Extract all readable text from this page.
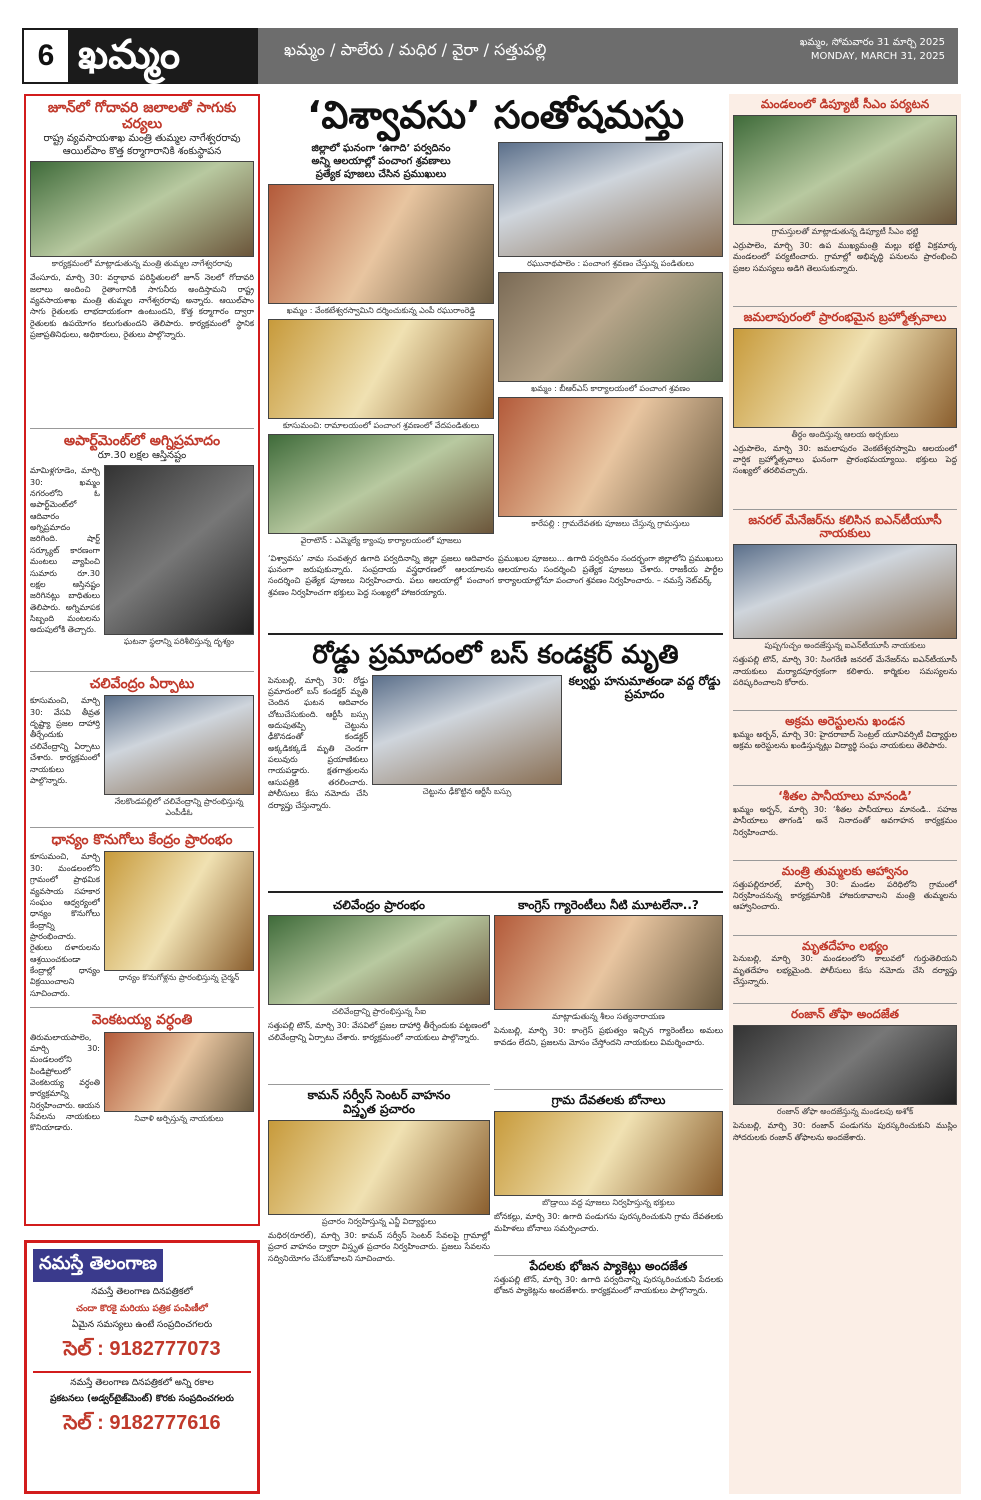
6 ఖమ్మం	ఖమ్మం / పాలేరు / మధిర / వైరా / సత్తుపల్లి	ఖమ్మం, సోమవారం 31 మార్చి 2025
MONDAY, MARCH 31, 2025
జూన్‌లో గోదావరి జలాలతో సాగుకు చర్యలు
రాష్ట్ర వ్యవసాయశాఖ మంత్రి తుమ్మల నాగేశ్వరరావు
ఆయిల్‌పాం కొత్త కర్మాగారానికి శంకుస్థాపన
కార్యక్రమంలో మాట్లాడుతున్న మంత్రి తుమ్మల నాగేశ్వరరావు
వేంసూరు, మార్చి 30: వర్షాభావ పరిస్థితులలో జూన్ నెలలో గోదావరి జలాలు అందించి రైతాంగానికి సాగునీరు అందిస్తామని రాష్ట్ర వ్యవసాయశాఖ మంత్రి తుమ్మల నాగేశ్వరరావు అన్నారు. ఆయిల్‌పాం సాగు రైతులకు లాభదాయకంగా ఉంటుందని, కొత్త కర్మాగారం ద్వారా రైతులకు ఉపయోగం కలుగుతుందని తెలిపారు. కార్యక్రమంలో స్థానిక ప్రజాప్రతినిధులు, అధికారులు, రైతులు పాల్గొన్నారు.
అపార్ట్‌మెంట్‌లో అగ్నిప్రమాదం
రూ.30 లక్షల ఆస్తినష్టం
మామిళ్లగూడెం, మార్చి 30: ఖమ్మం నగరంలోని ఓ అపార్ట్‌మెంట్‌లో ఆదివారం అగ్నిప్రమాదం జరిగింది. షార్ట్ సర్క్యూట్ కారణంగా మంటలు వ్యాపించి సుమారు రూ.30 లక్షల ఆస్తినష్టం జరిగినట్లు బాధితులు తెలిపారు. అగ్నిమాపక సిబ్బంది మంటలను అదుపులోకి తెచ్చారు.
ఘటనా స్థలాన్ని పరిశీలిస్తున్న దృశ్యం
చలివేంద్రం ఏర్పాటు
కూసుమంచి, మార్చి 30: వేసవి తీవ్రత దృష్ట్యా ప్రజల దాహార్తి తీర్చేందుకు చలివేంద్రాన్ని ఏర్పాటు చేశారు. కార్యక్రమంలో నాయకులు పాల్గొన్నారు.
నేలకొండపల్లిలో చలివేంద్రాన్ని ప్రారంభిస్తున్న ఎంపీడీఓ
ధాన్యం కొనుగోలు కేంద్రం ప్రారంభం
కూసుమంచి, మార్చి 30: మండలంలోని గ్రామంలో ప్రాథమిక వ్యవసాయ సహకార సంఘం ఆధ్వర్యంలో ధాన్యం కొనుగోలు కేంద్రాన్ని ప్రారంభించారు. రైతులు దళారులను ఆశ్రయించకుండా కేంద్రాల్లో ధాన్యం విక్రయించాలని సూచించారు.
ధాన్యం కొనుగోళ్లను ప్రారంభిస్తున్న చైర్మన్
వెంకటయ్య వర్ధంతి
తిరుమలాయపాలెం, మార్చి 30: మండలంలోని పిండిప్రోలులో వెంకటయ్య వర్ధంతి కార్యక్రమాన్ని నిర్వహించారు. ఆయన సేవలను నాయకులు కొనియాడారు.
నివాళి అర్పిస్తున్న నాయకులు
నమస్తే తెలంగాణ
నమస్తే తెలంగాణ దినపత్రికలో
చందా కొరకై మరియు పత్రిక పంపిణీలో
ఏమైన సమస్యలు ఉంటే సంప్రదించగలరు
సెల్ : 9182777073
నమస్తే తెలంగాణ దినపత్రికలో అన్ని రకాల
ప్రకటనలు (అడ్వర్‌టైజ్‌మెంట్) కొరకు సంప్రదించగలరు
సెల్ : 9182777616
‘విశ్వావసు’ సంతోషమస్తు
జిల్లాలో ఘనంగా ‘ఉగాది’ పర్వదినం
అన్ని ఆలయాల్లో పంచాంగ శ్రవణాలు
ప్రత్యేక పూజలు చేసిన ప్రముఖులు
ఖమ్మం : వేంకటేశ్వరస్వామిని దర్శించుకున్న ఎంపీ రఘురాంరెడ్డి
కూసుమంచి: రామాలయంలో పంచాంగ శ్రవణంలో వేదపండితులు
వైరాటౌన్ : ఎమ్మెల్యే క్యాంపు కార్యాలయంలో పూజలు
రఘునాథపాలెం : పంచాంగ శ్రవణం చేస్తున్న పండితులు
ఖమ్మం : బీఆర్ఎస్ కార్యాలయంలో పంచాంగ శ్రవణం
కారేపల్లి : గ్రామదేవతకు పూజలు చేస్తున్న గ్రామస్తులు
‘విశ్వావసు’ నామ సంవత్సర ఉగాది పర్వదినాన్ని జిల్లా ప్రజలు ఆదివారం ఘనంగా జరుపుకున్నారు. సంప్రదాయ వస్త్రధారణలో ఆలయాలను సందర్శించి ప్రత్యేక పూజలు నిర్వహించారు. పలు ఆలయాల్లో పంచాంగ శ్రవణం నిర్వహించగా భక్తులు పెద్ద సంఖ్యలో హాజరయ్యారు.
ప్రముఖుల పూజలు... ఉగాది పర్వదినం సందర్భంగా జిల్లాలోని ప్రముఖులు ఆలయాలను సందర్శించి ప్రత్యేక పూజలు చేశారు. రాజకీయ పార్టీల కార్యాలయాల్లోనూ పంచాంగ శ్రవణం నిర్వహించారు. – నమస్తే నెట్‌వర్క్
రోడ్డు ప్రమాదంలో బస్ కండక్టర్ మృతి
పెనుబల్లి, మార్చి 30: రోడ్డు ప్రమాదంలో బస్ కండక్టర్ మృతి చెందిన ఘటన ఆదివారం చోటుచేసుకుంది. ఆర్టీసీ బస్సు అదుపుతప్పి చెట్టును ఢీకొనడంతో కండక్టర్ అక్కడికక్కడే మృతి చెందగా పలువురు ప్రయాణికులు గాయపడ్డారు. క్షతగాత్రులను ఆసుపత్రికి తరలించారు. పోలీసులు కేసు నమోదు చేసి దర్యాప్తు చేస్తున్నారు.
చెట్టును ఢీకొట్టిన ఆర్టీసీ బస్సు
కల్వర్టు హనుమాతండా వద్ద రోడ్డు ప్రమాదం
చలివేంద్రం ప్రారంభం
చలివేంద్రాన్ని ప్రారంభిస్తున్న సీఐ
సత్తుపల్లి టౌన్, మార్చి 30: వేసవిలో ప్రజల దాహార్తి తీర్చేందుకు పట్టణంలో చలివేంద్రాన్ని ఏర్పాటు చేశారు. కార్యక్రమంలో నాయకులు పాల్గొన్నారు.
కామన్ సర్వీస్ సెంటర్ వాహనం
విస్తృత ప్రచారం
ప్రచారం నిర్వహిస్తున్న ఎన్జీ విద్యార్థులు
మధిర(రూరల్), మార్చి 30: కామన్ సర్వీస్ సెంటర్ సేవలపై గ్రామాల్లో ప్రచార వాహనం ద్వారా విస్తృత ప్రచారం నిర్వహించారు. ప్రజలు సేవలను సద్వినియోగం చేసుకోవాలని సూచించారు.
కాంగ్రెస్ గ్యారెంటీలు నీటి మూటలేనా..?
మాట్లాడుతున్న శీలం సత్యనారాయణ
పెనుబల్లి, మార్చి 30: కాంగ్రెస్ ప్రభుత్వం ఇచ్చిన గ్యారెంటీలు అమలు కావడం లేదని, ప్రజలను మోసం చేస్తోందని నాయకులు విమర్శించారు.
గ్రామ దేవతలకు బోనాలు
బొడ్రాయి వద్ద పూజలు నిర్వహిస్తున్న భక్తులు
బోనకల్లు, మార్చి 30: ఉగాది పండుగను పురస్కరించుకుని గ్రామ దేవతలకు మహిళలు బోనాలు సమర్పించారు.
పేదలకు భోజన ప్యాకెట్లు అందజేత
సత్తుపల్లి టౌన్, మార్చి 30: ఉగాది పర్వదినాన్ని పురస్కరించుకుని పేదలకు భోజన ప్యాకెట్లను అందజేశారు. కార్యక్రమంలో నాయకులు పాల్గొన్నారు.
మండలంలో డిప్యూటీ సీఎం పర్యటన
గ్రామస్తులతో మాట్లాడుతున్న డిప్యూటీ సీఎం భట్టి
ఎర్రుపాలెం, మార్చి 30: ఉప ముఖ్యమంత్రి మల్లు భట్టి విక్రమార్క మండలంలో పర్యటించారు. గ్రామాల్లో అభివృద్ధి పనులను ప్రారంభించి ప్రజల సమస్యలు అడిగి తెలుసుకున్నారు.
జమలాపురంలో ప్రారంభమైన బ్రహ్మోత్సవాలు
తీర్థం అందిస్తున్న ఆలయ అర్చకులు
ఎర్రుపాలెం, మార్చి 30: జమలాపురం వెంకటేశ్వరస్వామి ఆలయంలో వార్షిక బ్రహ్మోత్సవాలు ఘనంగా ప్రారంభమయ్యాయి. భక్తులు పెద్ద సంఖ్యలో తరలివచ్చారు.
జనరల్ మేనేజర్‌ను కలిసిన ఐఎన్‌టీయూసీ నాయకులు
పుష్పగుచ్ఛం అందజేస్తున్న ఐఎన్‌టీయూసీ నాయకులు
సత్తుపల్లి టౌన్, మార్చి 30: సింగరేణి జనరల్ మేనేజర్‌ను ఐఎన్‌టీయూసీ నాయకులు మర్యాదపూర్వకంగా కలిశారు. కార్మికుల సమస్యలను పరిష్కరించాలని కోరారు.
అక్రమ అరెస్టులను ఖండన
ఖమ్మం అర్బన్, మార్చి 30: హైదరాబాద్ సెంట్రల్ యూనివర్సిటీ విద్యార్థుల అక్రమ అరెస్టులను ఖండిస్తున్నట్లు విద్యార్థి సంఘ నాయకులు తెలిపారు.
‘శీతల పానీయాలు మానండి’
ఖమ్మం అర్బన్, మార్చి 30: ‘శీతల పానీయాలు మానండి.. సహజ పానీయాలు తాగండి’ అనే నినాదంతో అవగాహన కార్యక్రమం నిర్వహించారు.
మంత్రి తుమ్మలకు ఆహ్వానం
సత్తుపల్లిరూరల్, మార్చి 30: మండల పరిధిలోని గ్రామంలో నిర్వహించనున్న కార్యక్రమానికి హాజరుకావాలని మంత్రి తుమ్మలను ఆహ్వానించారు.
మృతదేహం లభ్యం
పెనుబల్లి, మార్చి 30: మండలంలోని కాలువలో గుర్తుతెలియని మృతదేహం లభ్యమైంది. పోలీసులు కేసు నమోదు చేసి దర్యాప్తు చేస్తున్నారు.
రంజాన్ తోఫా అందజేత
రంజాన్ తోఫా అందజేస్తున్న మండలపు అశోక్
పెనుబల్లి, మార్చి 30: రంజాన్ పండుగను పురస్కరించుకుని ముస్లిం సోదరులకు రంజాన్ తోఫాలను అందజేశారు.
